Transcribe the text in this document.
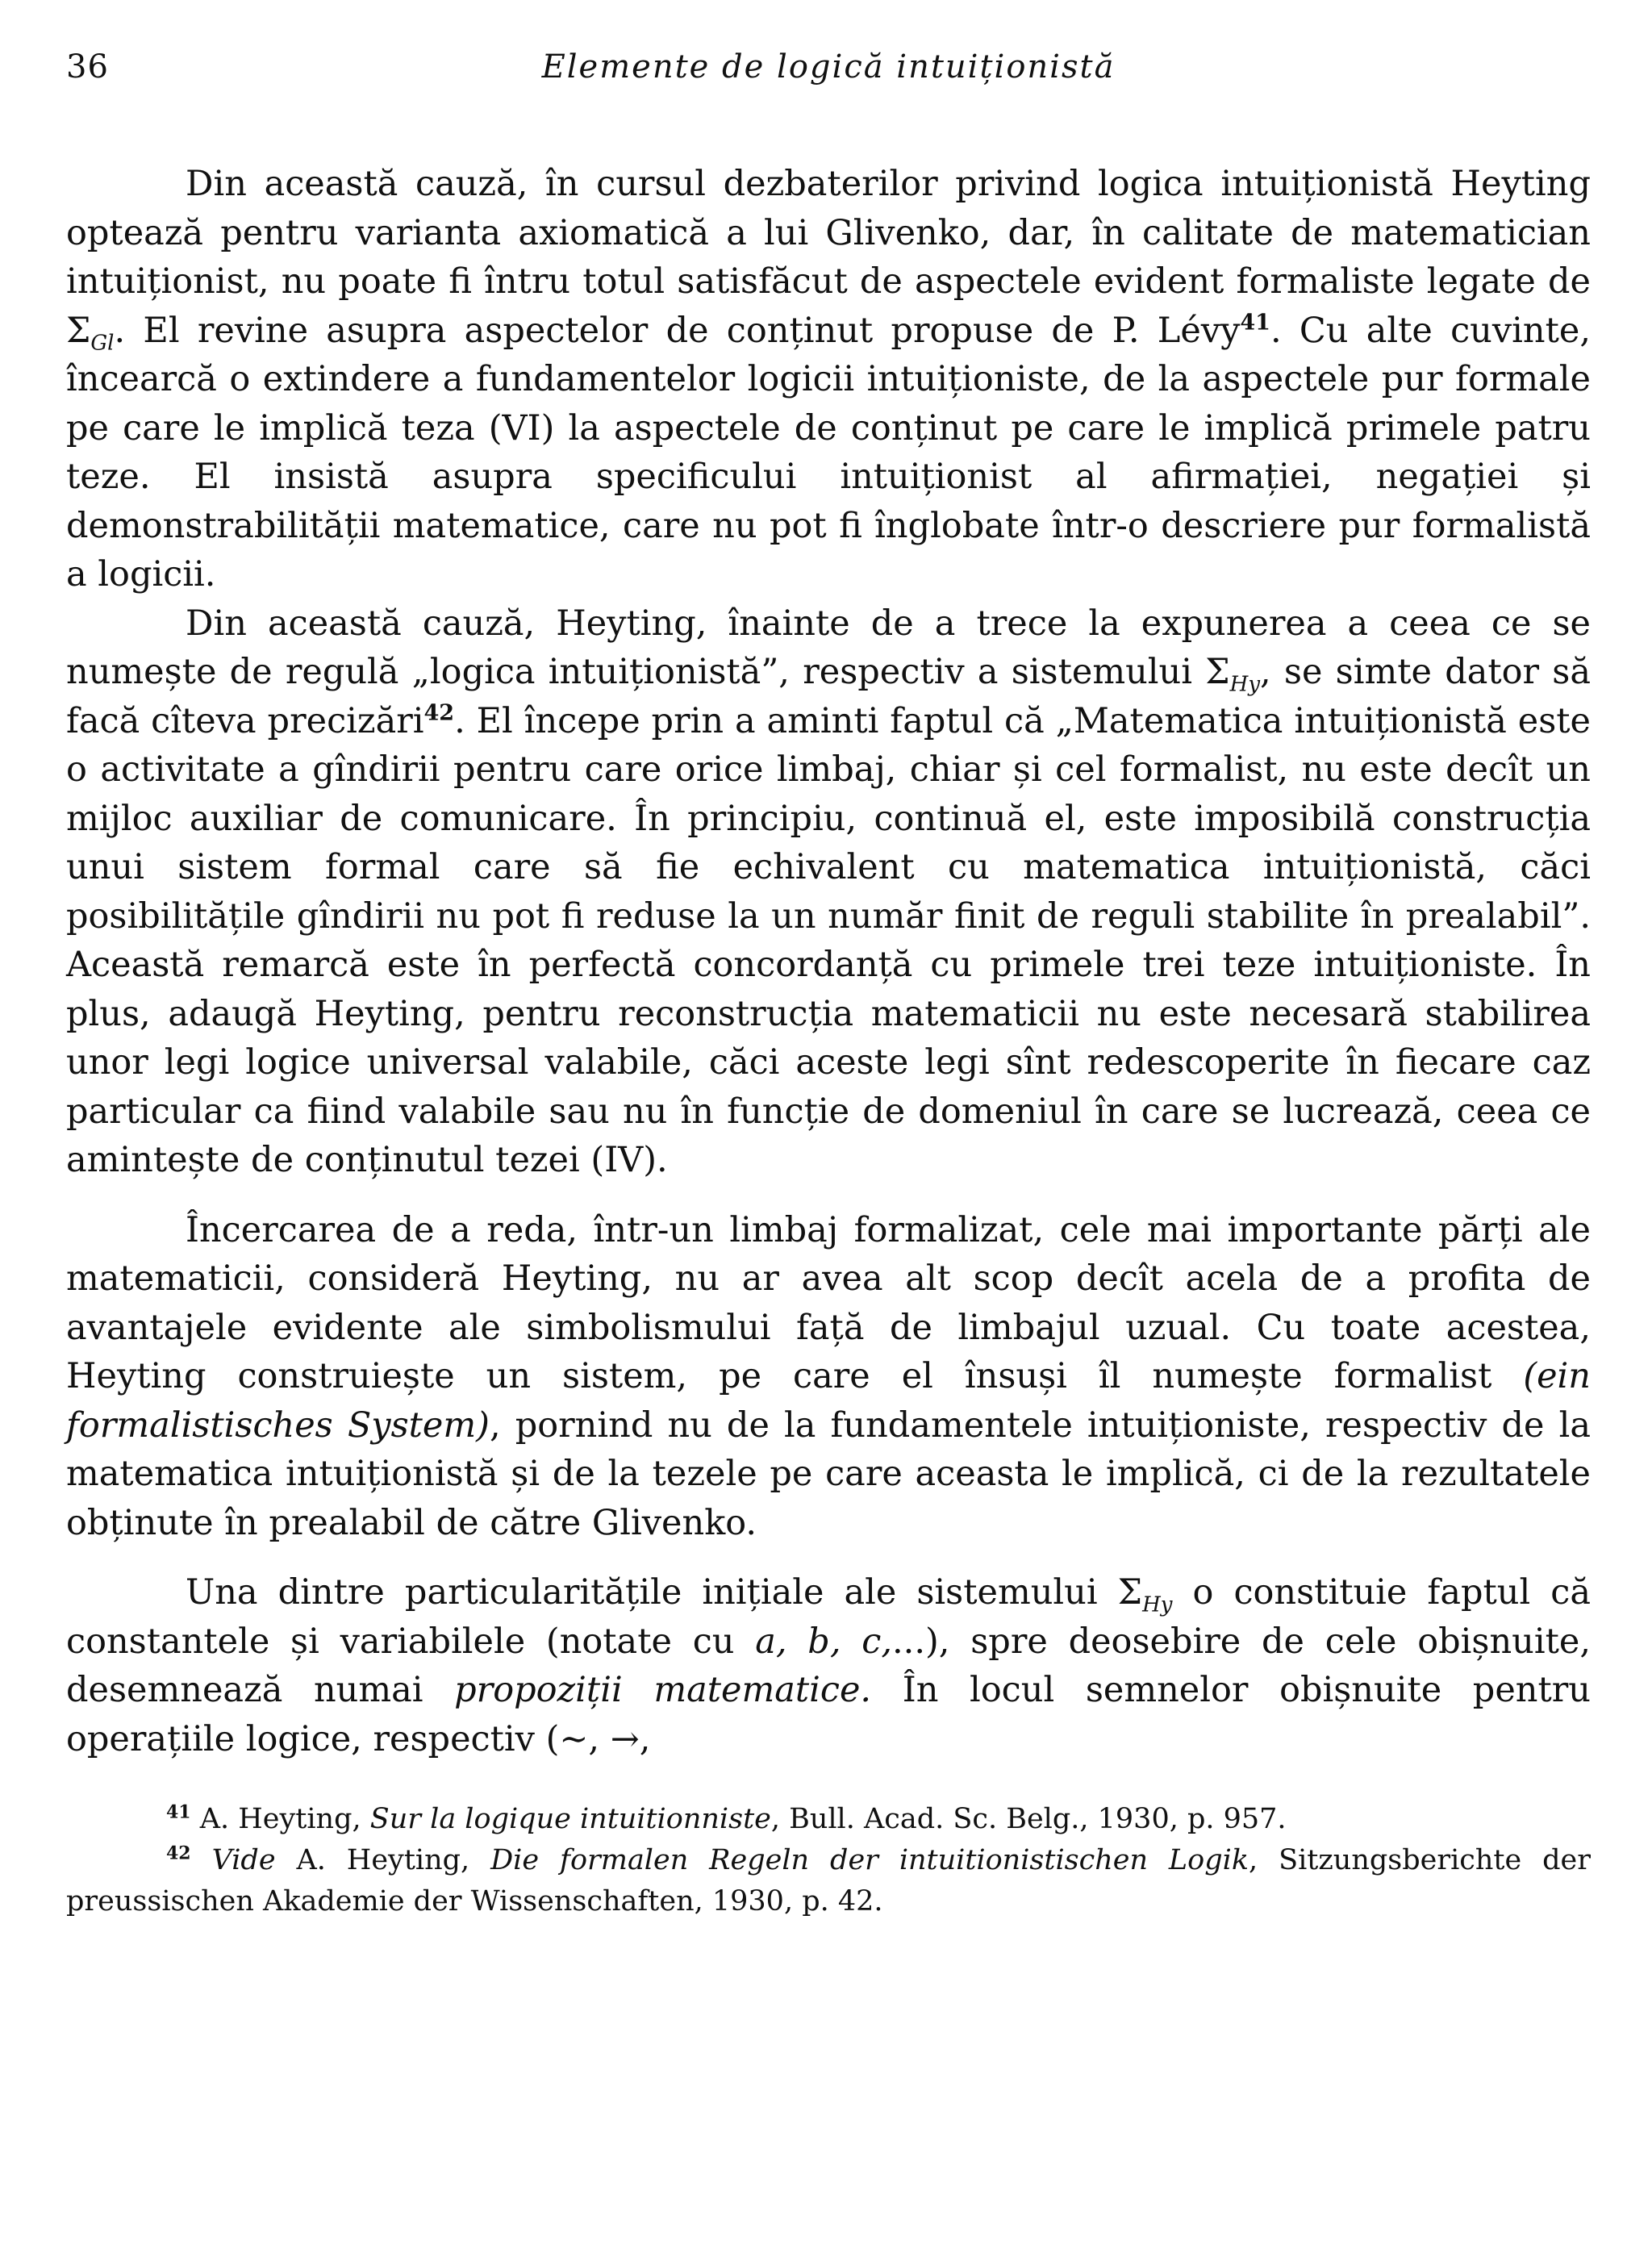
36	Elemente de logică intuiționistă

Din această cauză, în cursul dezbaterilor privind logica intuiționistă Heyting optează pentru varianta axiomatică a lui Glivenko, dar, în calitate de matematician intuiționist, nu poate fi întru totul satisfăcut de aspectele evident formaliste legate de $\Sigma_{Gl}$. El revine asupra aspectelor de conținut propuse de P. Lévy$^{41}$. Cu alte cuvinte, încearcă o extindere a fundamentelor logicii intuiționiste, de la aspectele pur formale pe care le implică teza (VI) la aspectele de conținut pe care le implică primele patru teze. El insistă asupra specificului intuiționist al afirmației, negației și demonstrabilității matematice, care nu pot fi înglobate într-o descriere pur formalistă a logicii.

Din această cauză, Heyting, înainte de a trece la expunerea a ceea ce se numește de regulă „logica intuiționistă”, respectiv a sistemului $\Sigma_{Hy}$, se simte dator să facă cîteva precizări$^{42}$. El începe prin a aminti faptul că „Matematica intuiționistă este o activitate a gîndirii pentru care orice limbaj, chiar și cel formalist, nu este decît un mijloc auxiliar de comunicare. În principiu, continuă el, este imposibilă construcția unui sistem formal care să fie echivalent cu matematica intuiționistă, căci posibilitățile gîndirii nu pot fi reduse la un număr finit de reguli stabilite în prealabil”. Această remarcă este în perfectă concordanță cu primele trei teze intuiționiste. În plus, adaugă Heyting, pentru reconstrucția matematicii nu este necesară stabilirea unor legi logice universal valabile, căci aceste legi sînt redescoperite în fiecare caz particular ca fiind valabile sau nu în funcție de domeniul în care se lucrează, ceea ce amintește de conținutul tezei (IV).

Încercarea de a reda, într-un limbaj formalizat, cele mai importante părți ale matematicii, consideră Heyting, nu ar avea alt scop decît acela de a profita de avantajele evidente ale simbolismului față de limbajul uzual. Cu toate acestea, Heyting construiește un sistem, pe care el însuși îl numește formalist (ein formalistisches System), pornind nu de la fundamentele intuiționiste, respectiv de la matematica intuiționistă și de la tezele pe care aceasta le implică, ci de la rezultatele obținute în prealabil de către Glivenko.

Una dintre particularitățile inițiale ale sistemului $\Sigma_{Hy}$ o constituie faptul că constantele și variabilele (notate cu a, b, c,...), spre deosebire de cele obișnuite, desemnează numai propoziții matematice. În locul semnelor obișnuite pentru operațiile logice, respectiv (∼, →,

$^{41}$ A. Heyting, Sur la logique intuitionniste, Bull. Acad. Sc. Belg., 1930, p. 957.

$^{42}$ Vide A. Heyting, Die formalen Regeln der intuitionistischen Logik, Sitzungsberichte der preussischen Akademie der Wissenschaften, 1930, p. 42.
